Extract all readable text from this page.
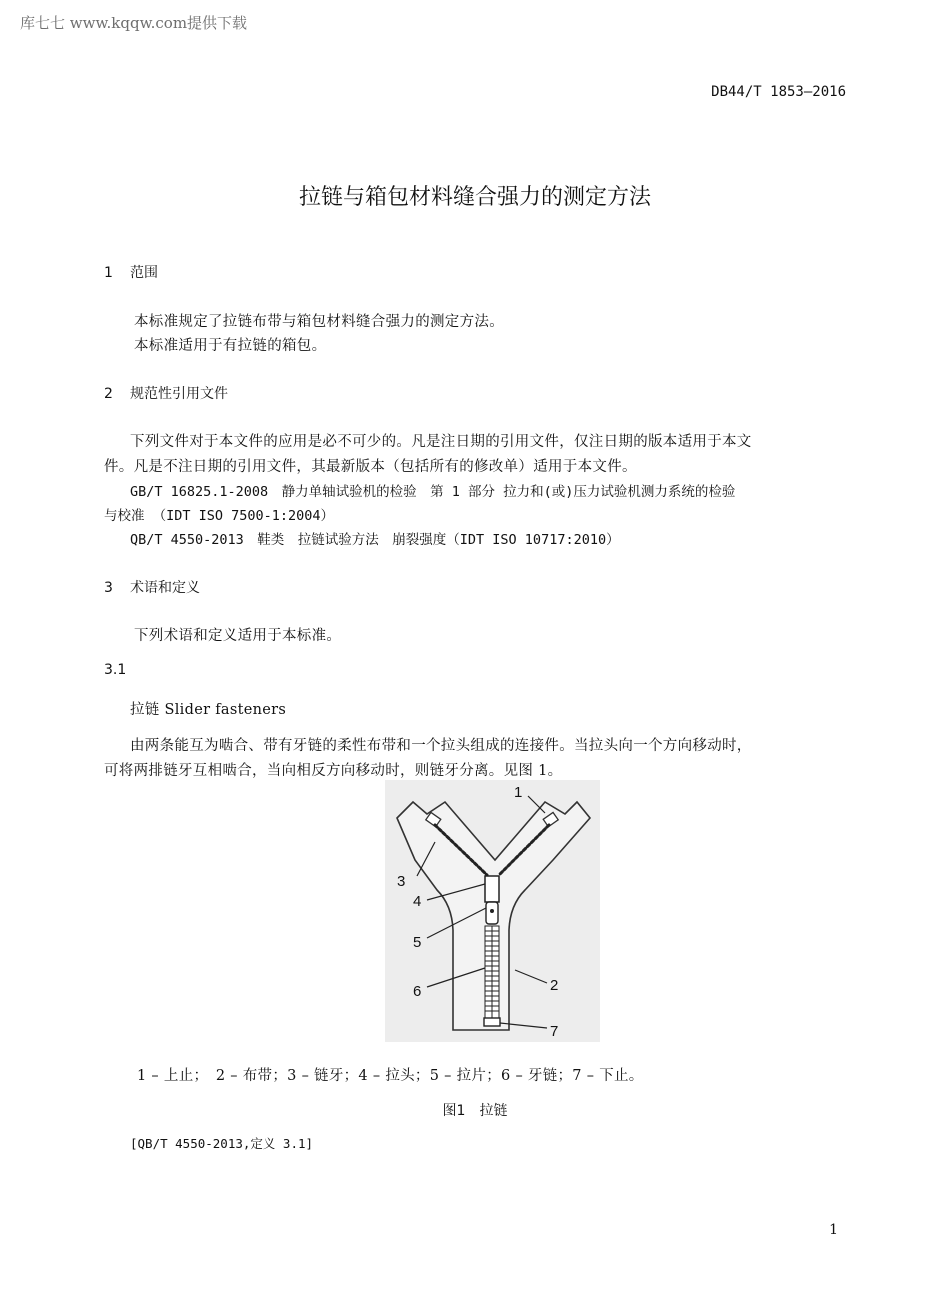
库七七 www.kqqw.com提供下载
DB44/T 1853—2016
拉链与箱包材料缝合强力的测定方法
1 范围
本标准规定了拉链布带与箱包材料缝合强力的测定方法。
本标准适用于有拉链的箱包。
2 规范性引用文件
下列文件对于本文件的应用是必不可少的。凡是注日期的引用文件，仅注日期的版本适用于本文
件。凡是不注日期的引用文件，其最新版本（包括所有的修改单）适用于本文件。
GB/T 16825.1-2008　静力单轴试验机的检验　第 1 部分 拉力和(或)压力试验机测力系统的检验
与校准 （IDT ISO 7500-1:2004）
QB/T 4550-2013　鞋类　拉链试验方法　崩裂强度（IDT ISO 10717:2010）
3 术语和定义
下列术语和定义适用于本标准。
3.1
拉链 Slider fasteners
由两条能互为啮合、带有牙链的柔性布带和一个拉头组成的连接件。当拉头向一个方向移动时，
可将两排链牙互相啮合，当向相反方向移动时，则链牙分离。见图 1。
1
2
3
4
5
6
7
1 – 上止；　2 – 布带；3 – 链牙；4 – 拉头；5 – 拉片；6 – 牙链；7 – 下止。
图1　拉链
[QB/T 4550-2013,定义 3.1]
1
